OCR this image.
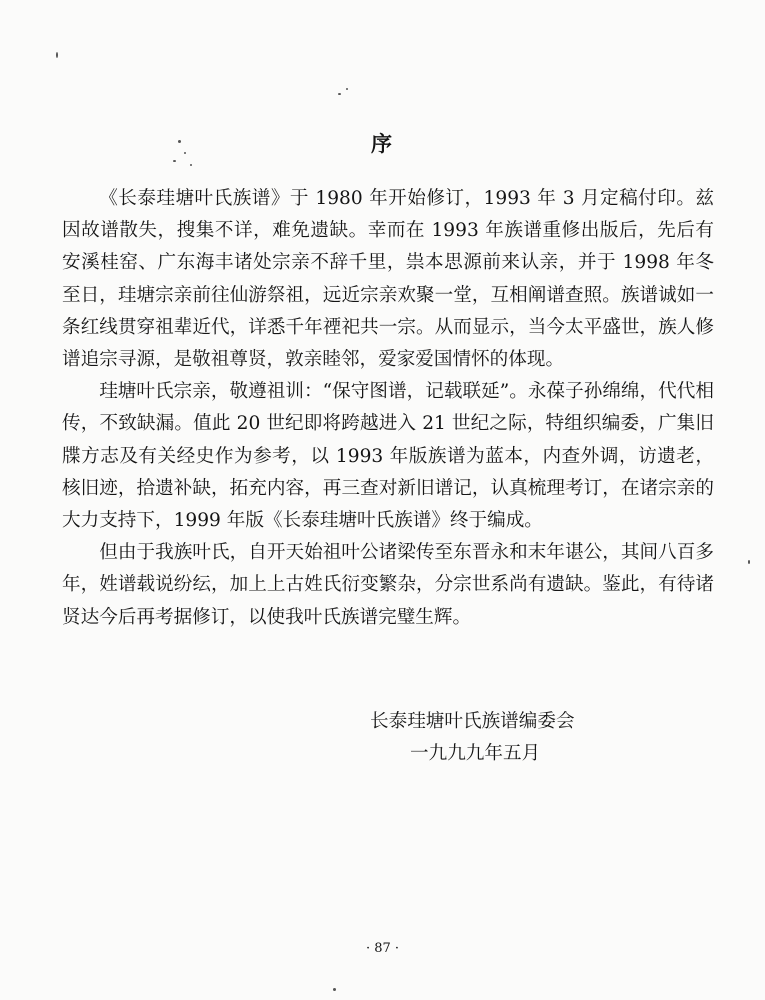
序

《长泰珪塘叶氏族谱》于 1980 年开始修订，1993 年 3 月定稿付印。兹因故谱散失，搜集不详，难免遗缺。幸而在 1993 年族谱重修出版后，先后有安溪桂窑、广东海丰诸处宗亲不辞千里，祟本思源前来认亲，并于 1998 年冬至日，珪塘宗亲前往仙游祭祖，远近宗亲欢聚一堂，互相阐谱查照。族谱诚如一条红线贯穿祖辈近代，详悉千年禋祀共一宗。从而显示，当今太平盛世，族人修谱追宗寻源，是敬祖尊贤，敦亲睦邻，爱家爱国情怀的体现。

珪塘叶氏宗亲，敬遵祖训：“保守图谱，记载联延”。永葆子孙绵绵，代代相传，不致缺漏。值此 20 世纪即将跨越进入 21 世纪之际，特组织编委，广集旧牒方志及有关经史作为参考，以 1993 年版族谱为蓝本，内查外调，访遗老，核旧迹，拾遗补缺，拓充内容，再三查对新旧谱记，认真梳理考订，在诸宗亲的大力支持下，1999 年版《长泰珪塘叶氏族谱》终于编成。

但由于我族叶氏，自开天始祖叶公诸梁传至东晋永和末年谌公，其间八百多年，姓谱载说纷纭，加上上古姓氏衍变繁杂，分宗世系尚有遗缺。鉴此，有待诸贤达今后再考据修订，以使我叶氏族谱完璧生辉。

长泰珪塘叶氏族谱编委会
一九九九年五月
· 87 ·
